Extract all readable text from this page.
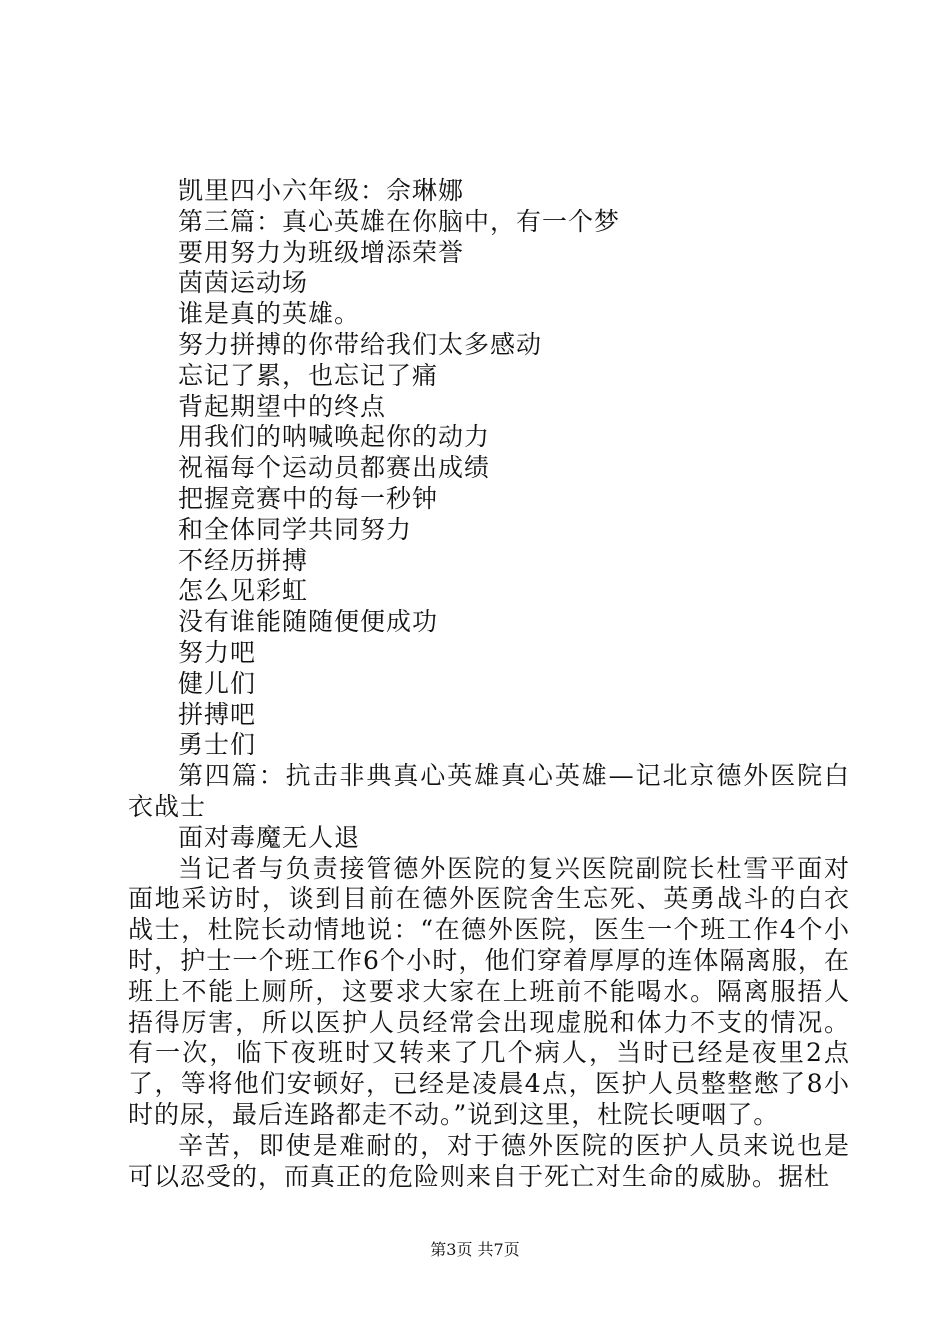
凯里四小六年级：佘琳娜
第三篇：真心英雄在你脑中，有一个梦
要用努力为班级增添荣誉
茵茵运动场
谁是真的英雄。
努力拼搏的你带给我们太多感动
忘记了累，也忘记了痛
背起期望中的终点
用我们的呐喊唤起你的动力
祝福每个运动员都赛出成绩
把握竞赛中的每一秒钟
和全体同学共同努力
不经历拼搏
怎么见彩虹
没有谁能随随便便成功
努力吧
健儿们
拼搏吧
勇士们

第四篇：抗击非典真心英雄真心英雄—记北京德外医院白衣战士

面对毒魔无人退

当记者与负责接管德外医院的复兴医院副院长杜雪平面对面地采访时，谈到目前在德外医院舍生忘死、英勇战斗的白衣战士，杜院长动情地说：“在德外医院，医生一个班工作4个小时，护士一个班工作6个小时，他们穿着厚厚的连体隔离服，在班上不能上厕所，这要求大家在上班前不能喝水。隔离服捂人捂得厉害，所以医护人员经常会出现虚脱和体力不支的情况。有一次，临下夜班时又转来了几个病人，当时已经是夜里2点了，等将他们安顿好，已经是凌晨4点，医护人员整整憋了8小时的尿，最后连路都走不动。”说到这里，杜院长哽咽了。

辛苦，即使是难耐的，对于德外医院的医护人员来说也是可以忍受的，而真正的危险则来自于死亡对生命的威胁。据杜

第3页 共7页
